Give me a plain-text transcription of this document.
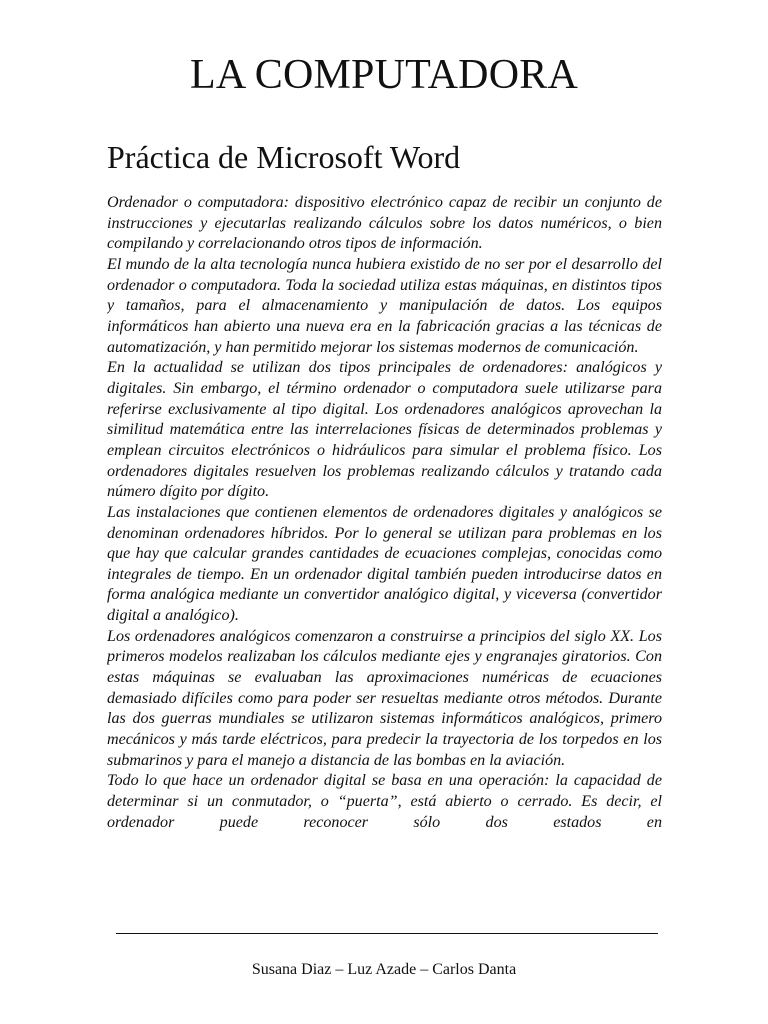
LA COMPUTADORA
Práctica de Microsoft Word

Ordenador o computadora: dispositivo electrónico capaz de recibir un conjunto de instrucciones y ejecutarlas realizando cálculos sobre los datos numéricos, o bien compilando y correlacionando otros tipos de información.

El mundo de la alta tecnología nunca hubiera existido de no ser por el desarrollo del ordenador o computadora. Toda la sociedad utiliza estas máquinas, en distintos tipos y tamaños, para el almacenamiento y manipulación de datos. Los equipos informáticos han abierto una nueva era en la fabricación gracias a las técnicas de automatización, y han permitido mejorar los sistemas modernos de comunicación.

En la actualidad se utilizan dos tipos principales de ordenadores: analógicos y digitales. Sin embargo, el término ordenador o computadora suele utilizarse para referirse exclusivamente al tipo digital. Los ordenadores analógicos aprovechan la similitud matemática entre las interrelaciones físicas de determinados problemas y emplean circuitos electrónicos o hidráulicos para simular el problema físico. Los ordenadores digitales resuelven los problemas realizando cálculos y tratando cada número dígito por dígito.

Las instalaciones que contienen elementos de ordenadores digitales y analógicos se denominan ordenadores híbridos. Por lo general se utilizan para problemas en los que hay que calcular grandes cantidades de ecuaciones complejas, conocidas como integrales de tiempo. En un ordenador digital también pueden introducirse datos en forma analógica mediante un convertidor analógico digital, y viceversa (convertidor digital a analógico).

Los ordenadores analógicos comenzaron a construirse a principios del siglo XX. Los primeros modelos realizaban los cálculos mediante ejes y engranajes giratorios. Con estas máquinas se evaluaban las aproximaciones numéricas de ecuaciones demasiado difíciles como para poder ser resueltas mediante otros métodos. Durante las dos guerras mundiales se utilizaron sistemas informáticos analógicos, primero mecánicos y más tarde eléctricos, para predecir la trayectoria de los torpedos en los submarinos y para el manejo a distancia de las bombas en la aviación.

Todo lo que hace un ordenador digital se basa en una operación: la capacidad de determinar si un conmutador, o “puerta”, está abierto o cerrado. Es decir, el ordenador puede reconocer sólo dos estados en

Susana Diaz – Luz Azade – Carlos Danta
